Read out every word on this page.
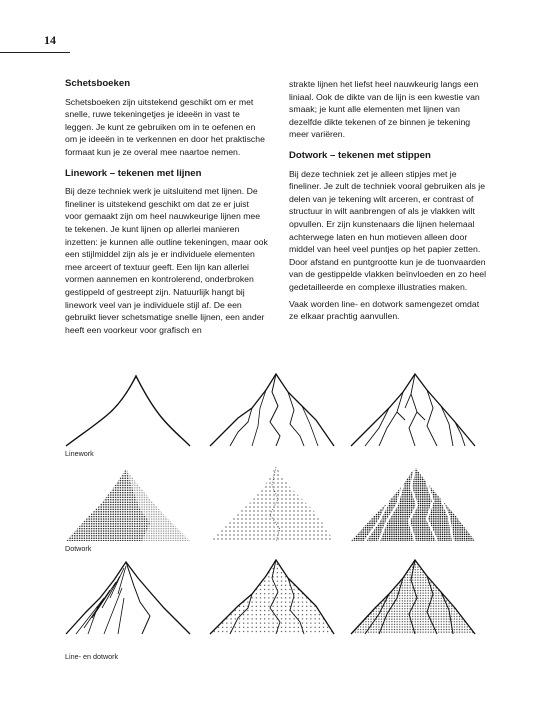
14
Schetsboeken
Schetsboeken zijn uitstekend geschikt om er met snelle, ruwe tekeningetjes je ideeën in vast te leggen. Je kunt ze gebruiken om in te oefenen en om je ideeën in te verkennen en door het praktische formaat kun je ze overal mee naartoe nemen.
Linework – tekenen met lijnen
Bij deze techniek werk je uitsluitend met lijnen. De fineliner is uitstekend geschikt om dat ze er juist voor gemaakt zijn om heel nauwkeurige lijnen mee te tekenen. Je kunt lijnen op allerlei manieren inzetten: je kunnen alle outline tekeningen, maar ook een stijlmiddel zijn als je er individuele elementen mee arceert of textuur geeft. Een lijn kan allerlei vormen aannemen en kontrolerend, onderbroken gestippeld of gestreept zijn. Natuurlijk hangt bij linework veel van je individuele stijl af. De een gebruikt liever schetsmatige snelle lijnen, een ander heeft een voorkeur voor grafisch en
strakte lijnen het liefst heel nauwkeurig langs een liniaal. Ook de dikte van de lijn is een kwestie van smaak; je kunt alle elementen met lijnen van dezelfde dikte tekenen of ze binnen je tekening meer variëren.
Dotwork – tekenen met stippen
Bij deze techniek zet je alleen stipjes met je fineliner. Je zult de techniek vooral gebruiken als je delen van je tekening wilt arceren, er contrast of structuur in wilt aanbrengen of als je vlakken wilt opvullen. Er zijn kunstenaars die lijnen helemaal achterwege laten en hun motieven alleen door middel van heel veel puntjes op het papier zetten. Door afstand en puntgrootte kun je de tuonvaarden van de gestippelde vlakken beïnvloeden en zo heel gedetailleerde en complexe illustraties maken.
Vaak worden line- en dotwork samengezet omdat ze elkaar prachtig aanvullen.
Linework
Dotwork
Line- en dotwork
